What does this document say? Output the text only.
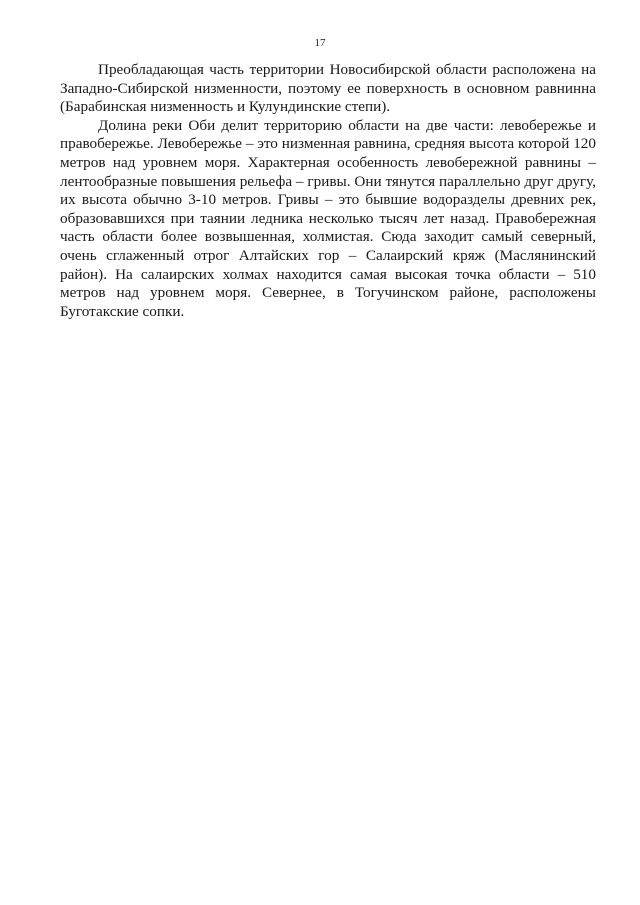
17

Преобладающая часть территории Новосибирской области расположена на Западно-Сибирской низменности, поэтому ее поверхность в основном равнинна (Барабинская низменность и Кулундинские степи).

Долина реки Оби делит территорию области на две части: левобережье и правобережье. Левобережье – это низменная равнина, средняя высота которой 120 метров над уровнем моря. Характерная особенность левобережной равнины – лентообразные повышения рельефа – гривы. Они тянутся параллельно друг другу, их высота обычно 3-10 метров. Гривы – это бывшие водоразделы древних рек, образовавшихся при таянии ледника несколько тысяч лет назад. Правобережная часть области более возвышенная, холмистая. Сюда заходит самый северный, очень сглаженный отрог Алтайских гор – Салаирский кряж (Маслянинский район). На салаирских холмах находится самая высокая точка области – 510 метров над уровнем моря. Севернее, в Тогучинском районе, расположены Буготакские сопки.
